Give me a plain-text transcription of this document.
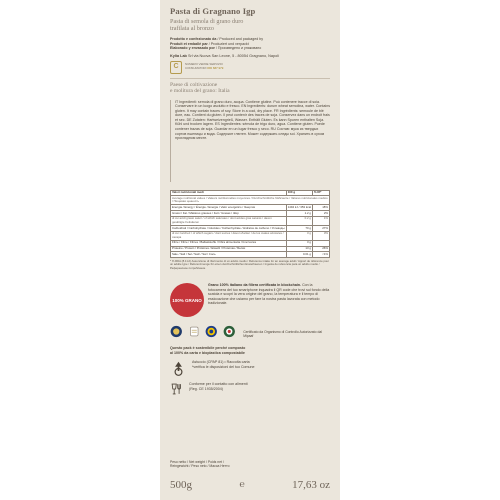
Pasta di Gragnano Igp
Pasta di semola di grano duro
trafilata al bronzo
Prodotto e confezionato da / Produced and packaged by
Produit et emballé par / Produziert und verpackt
Elaborado y envasado por / Произведено и упаковано
Kylia Lab Srl via Nuova San Leone, 5 - 80054 Gragnano, Napoli
C	NUMERO VERDE SERVIZIO
CONSUMATORI 800 687 979
Paese di coltivazione
e molitura del grano: Italia
IT Ingredienti: semola di grano duro, acqua. Contiene glutine. Può contenere tracce di soia. Conservare in un luogo asciutto e fresco. EN Ingredients: durum wheat semolina, water. Contains gluten. It may contain traces of soy. Store in a cool, dry place. FR Ingrédients: semoule de blé dure, eau. Contient du gluten. Il peut contenir des traces de soja. Conservez dans un endroit frais et sec. DE Zutaten: Hartweizengrieß, Wasser. Enthält Gluten. Es kann Spuren enthalten Soja. Kühl und trocken lagern. ES Ingredientes: sémola de trigo duro, agua. Contiene gluten. Puede contener trazas de soja. Guardar en un lugar fresco y seco. RU Состав: мука из твердых сортов пшеницы и вода. Содержит глютен. Может содержать следы soi. Хранить в сухом прохладном месте.
Valori nutrizionali medi	100 g	% RI*
Average nutritional values / Valeurs nutritionnelles moyennes / Durchschnittliche Nährwerte / Valores nutricionales medios / Пищевая ценность		
Energia / Energy / Énergie / Energie / Valor energético / Энергия	1494 kJ / 353 kcal	18%
Grassi / Fat / Matières grasses / Fett / Grasas / Жир	1.2 g	2%
di cui acidi grassi saturi / of which saturates / dont acides gras saturés / davon gesättigte Fettsäuren	0.2 g	1%
Carboidrati / Carbohydrate / Glucides / Kohlenhydrate / Hidratos de carbono / Углеводы	70 g	27%
di cui zuccheri / of which sugars / dont sucres / davon Zucker / de los cuales azúcares / сахара	3 g	3%
Fibre / Fibre / Fibres / Ballaststoffe / Fibra alimentaria / Клетчатка	3 g	
Proteine / Protein / Protéines / Eiweiß / Proteínas / Белки	13 g	26%
Sale / Salt / Sel / Salz / Sal / Соль	0.01 g	<1%
* % RDA (8.4 kJ) Assunzione di riferimento di un adulto medio / Reference intake for an average adult / Apport de référence pour un adulte type / Referenzmenge für einen durchschnittlichen Erwachsenen / Ingesta de referencia para un adulto medio / Референсное потребление
100% GRANO
Grano 100% italiano da filiera certificata in blockchain. Con la fotocamera del tuo smartphone inquadra il QR code che trovi sul fondo della scatola e scopri la vera origine del grano, la temperatura e il tempo di essiccazione che usiamo per fare la nostra pasta lavorata con metodo tradizionale.
Certificato da Organismo di Controllo Autorizzato dal Mipaaf
Questo pack è sostenibile perché composto
al 100% da carta e bioplastica compostabile
Astuccio (CPAP 81) • Raccolta carta
*verifica le disposizioni del tuo Comune
Conforme per il contatto con alimenti
(Reg. CE 1935/2004)
Peso netto / Net weight / Poids net /
Reingewicht / Peso neto / Масса Нетто
500g	℮	17,63 oz
